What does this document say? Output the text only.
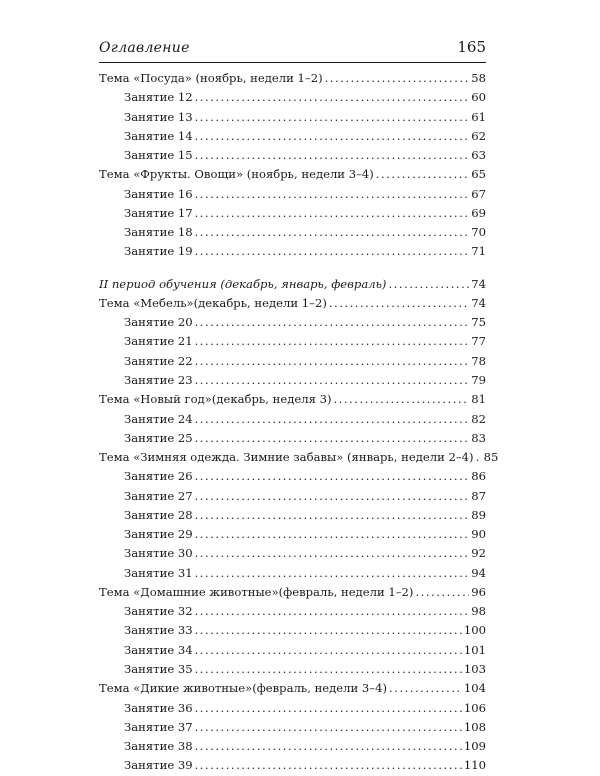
Оглавление	165
Тема «Посуда» (ноябрь, недели 1–2) .....	58
Занятие 12 .....	60
Занятие 13 .....	61
Занятие 14 .....	62
Занятие 15 .....	63
Тема «Фрукты. Овощи» (ноябрь, недели 3–4) .....	65
Занятие 16 .....	67
Занятие 17 .....	69
Занятие 18 .....	70
Занятие 19 .....	71
II период обучения (декабрь, январь, февраль) .....	74
Тема «Мебель»(декабрь, недели 1–2) .....	74
Занятие 20 .....	75
Занятие 21 .....	77
Занятие 22 .....	78
Занятие 23 .....	79
Тема «Новый год»(декабрь, неделя 3) .....	81
Занятие 24 .....	82
Занятие 25 .....	83
Тема «Зимняя одежда. Зимние забавы» (январь, недели 2–4) ..... 85
Занятие 26 .....	86
Занятие 27 .....	87
Занятие 28 .....	89
Занятие 29 .....	90
Занятие 30 .....	92
Занятие 31 .....	94
Тема «Домашние животные»(февраль, недели 1–2) .....	96
Занятие 32 .....	98
Занятие 33 .....	100
Занятие 34 .....	101
Занятие 35 .....	103
Тема «Дикие животные»(февраль, недели 3–4) .....	104
Занятие 36 .....	106
Занятие 37 .....	108
Занятие 38 .....	109
Занятие 39 .....	110
